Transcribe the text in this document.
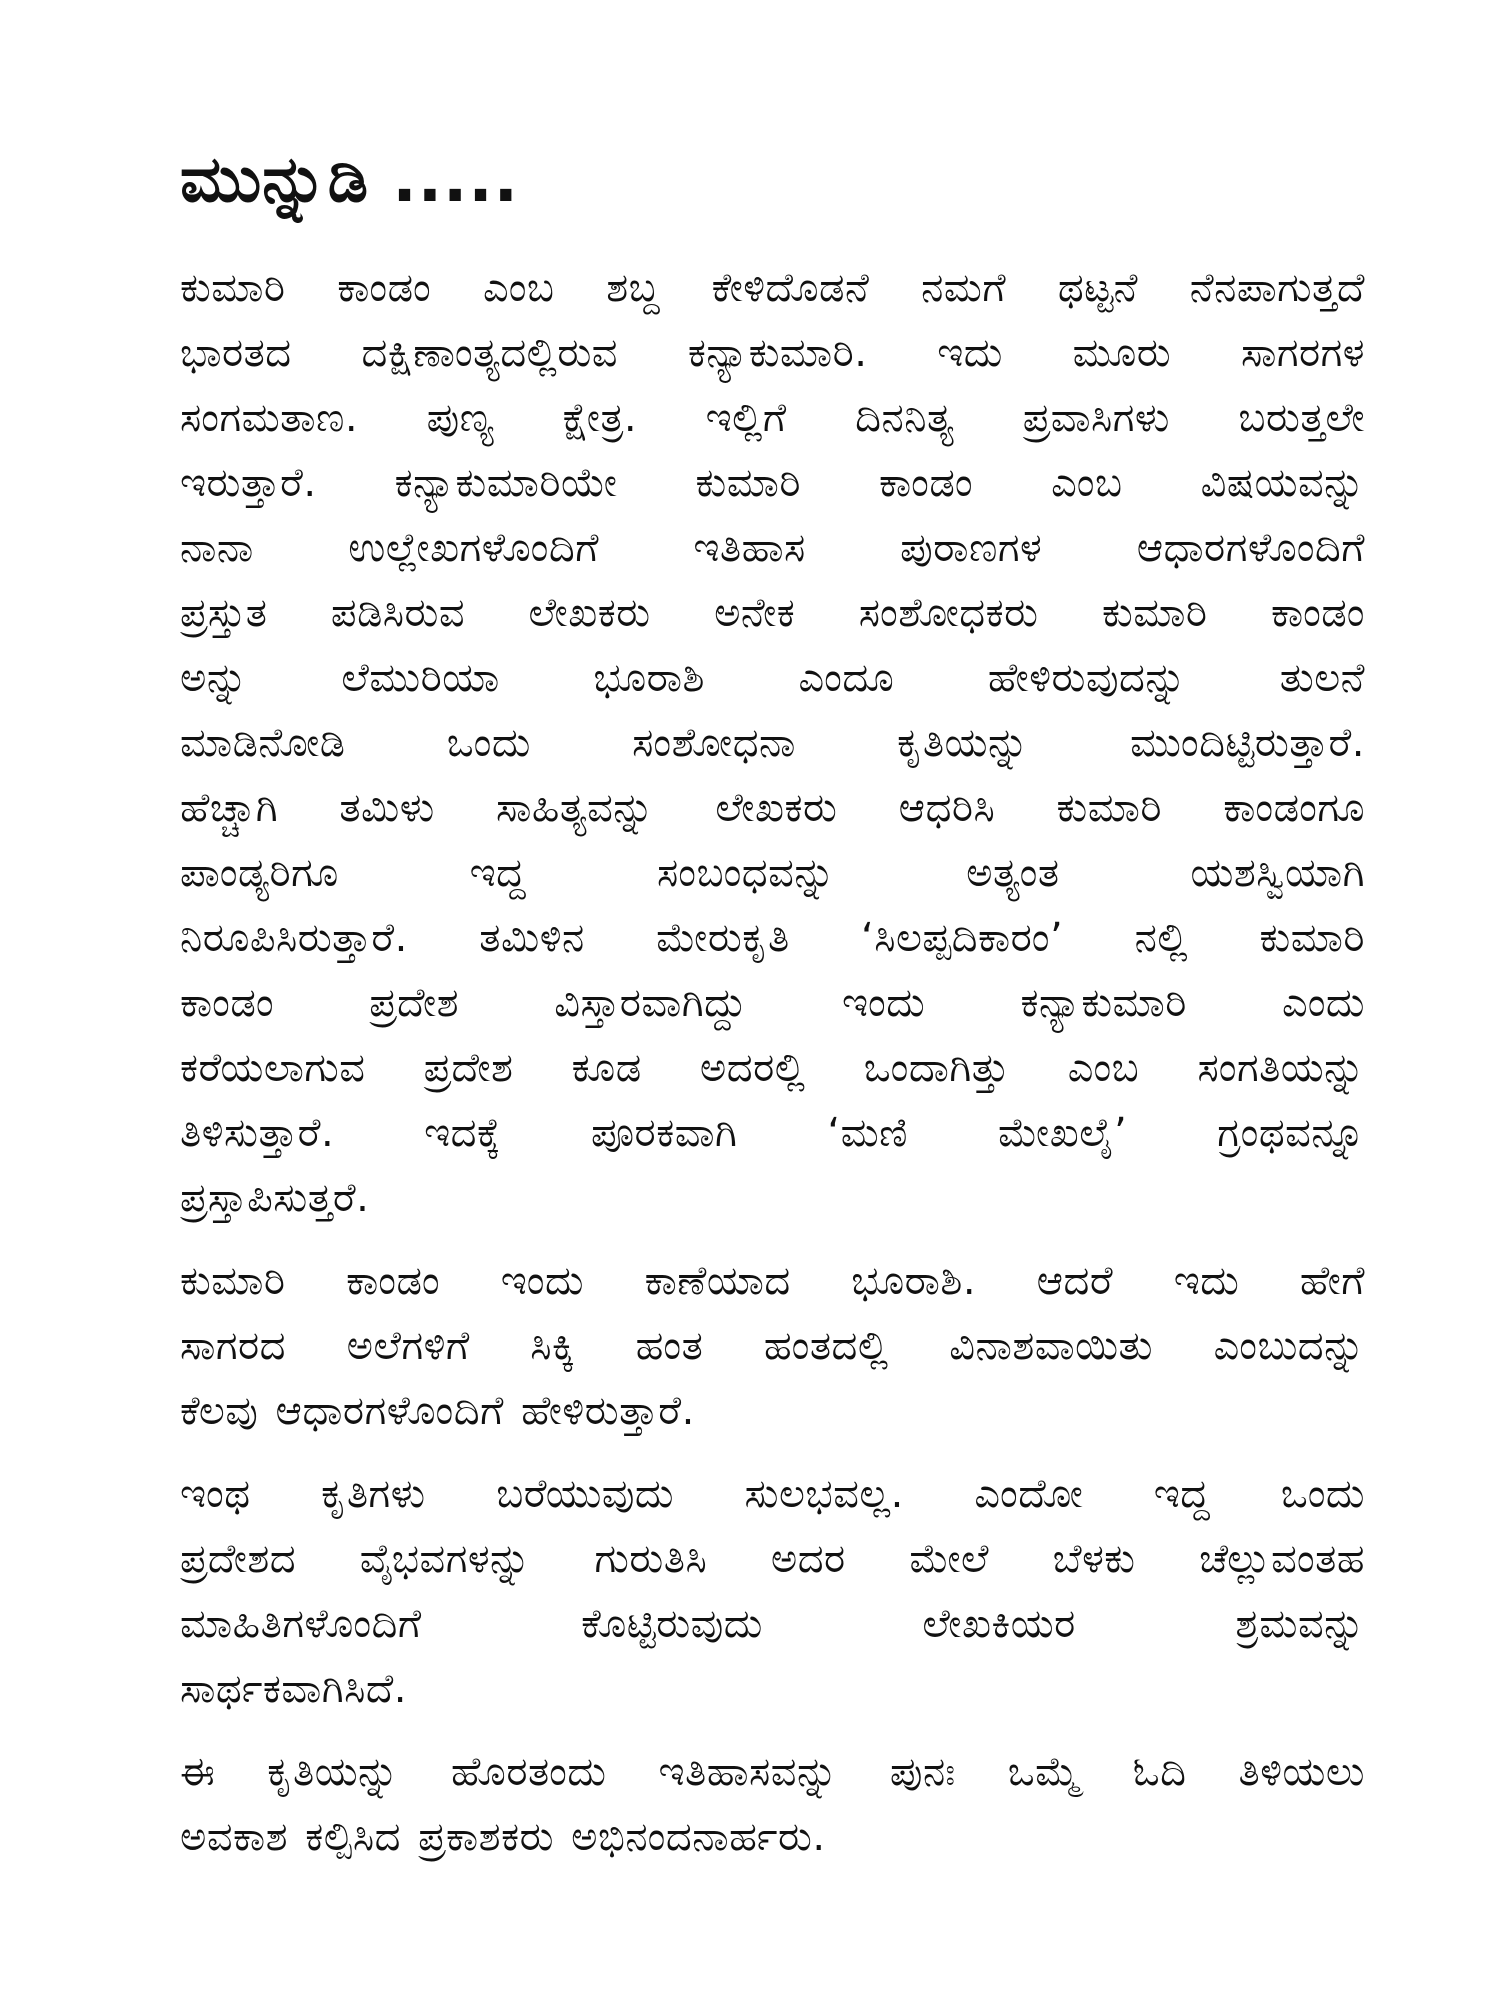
ಮುನ್ನುಡಿ .....
ಕುಮಾರಿ ಕಾಂಡಂ ಎಂಬ ಶಬ್ದ ಕೇಳಿದೊಡನೆ ನಮಗೆ ಥಟ್ಟನೆ ನೆನಪಾಗುತ್ತದೆ
ಭಾರತದ ದಕ್ಷಿಣಾಂತ್ಯದಲ್ಲಿರುವ ಕನ್ಯಾಕುಮಾರಿ. ಇದು ಮೂರು ಸಾಗರಗಳ
ಸಂಗಮತಾಣ. ಪುಣ್ಯ ಕ್ಷೇತ್ರ. ಇಲ್ಲಿಗೆ ದಿನನಿತ್ಯ ಪ್ರವಾಸಿಗಳು ಬರುತ್ತಲೇ
ಇರುತ್ತಾರೆ. ಕನ್ಯಾಕುಮಾರಿಯೇ ಕುಮಾರಿ ಕಾಂಡಂ ಎಂಬ ವಿಷಯವನ್ನು
ನಾನಾ ಉಲ್ಲೇಖಗಳೊಂದಿಗೆ ಇತಿಹಾಸ ಪುರಾಣಗಳ ಆಧಾರಗಳೊಂದಿಗೆ
ಪ್ರಸ್ತುತ ಪಡಿಸಿರುವ ಲೇಖಕರು ಅನೇಕ ಸಂಶೋಧಕರು ಕುಮಾರಿ ಕಾಂಡಂ
ಅನ್ನು ಲೆಮುರಿಯಾ ಭೂರಾಶಿ ಎಂದೂ ಹೇಳಿರುವುದನ್ನು ತುಲನೆ
ಮಾಡಿನೋಡಿ ಒಂದು ಸಂಶೋಧನಾ ಕೃತಿಯನ್ನು ಮುಂದಿಟ್ಟಿರುತ್ತಾರೆ.
ಹೆಚ್ಚಾಗಿ ತಮಿಳು ಸಾಹಿತ್ಯವನ್ನು ಲೇಖಕರು ಆಧರಿಸಿ ಕುಮಾರಿ ಕಾಂಡಂಗೂ
ಪಾಂಡ್ಯರಿಗೂ ಇದ್ದ ಸಂಬಂಧವನ್ನು ಅತ್ಯಂತ ಯಶಸ್ವಿಯಾಗಿ
ನಿರೂಪಿಸಿರುತ್ತಾರೆ. ತಮಿಳಿನ ಮೇರುಕೃತಿ ‘ಸಿಲಪ್ಪದಿಕಾರಂ’ ನಲ್ಲಿ ಕುಮಾರಿ
ಕಾಂಡಂ ಪ್ರದೇಶ ವಿಸ್ತಾರವಾಗಿದ್ದು ಇಂದು ಕನ್ಯಾಕುಮಾರಿ ಎಂದು
ಕರೆಯಲಾಗುವ ಪ್ರದೇಶ ಕೂಡ ಅದರಲ್ಲಿ ಒಂದಾಗಿತ್ತು ಎಂಬ ಸಂಗತಿಯನ್ನು
ತಿಳಿಸುತ್ತಾರೆ. ಇದಕ್ಕೆ ಪೂರಕವಾಗಿ ‘ಮಣಿ ಮೇಖಲೈ’ ಗ್ರಂಥವನ್ನೂ
ಪ್ರಸ್ತಾಪಿಸುತ್ತರೆ.
ಕುಮಾರಿ ಕಾಂಡಂ ಇಂದು ಕಾಣೆಯಾದ ಭೂರಾಶಿ. ಆದರೆ ಇದು ಹೇಗೆ
ಸಾಗರದ ಅಲೆಗಳಿಗೆ ಸಿಕ್ಕಿ ಹಂತ ಹಂತದಲ್ಲಿ ವಿನಾಶವಾಯಿತು ಎಂಬುದನ್ನು
ಕೆಲವು ಆಧಾರಗಳೊಂದಿಗೆ ಹೇಳಿರುತ್ತಾರೆ.
ಇಂಥ ಕೃತಿಗಳು ಬರೆಯುವುದು ಸುಲಭವಲ್ಲ. ಎಂದೋ ಇದ್ದ ಒಂದು
ಪ್ರದೇಶದ ವೈಭವಗಳನ್ನು ಗುರುತಿಸಿ ಅದರ ಮೇಲೆ ಬೆಳಕು ಚೆಲ್ಲುವಂತಹ
ಮಾಹಿತಿಗಳೊಂದಿಗೆ ಕೊಟ್ಟಿರುವುದು ಲೇಖಕಿಯರ ಶ್ರಮವನ್ನು
ಸಾರ್ಥಕವಾಗಿಸಿದೆ.
ಈ ಕೃತಿಯನ್ನು ಹೊರತಂದು ಇತಿಹಾಸವನ್ನು ಪುನಃ ಒಮ್ಮೆ ಓದಿ ತಿಳಿಯಲು
ಅವಕಾಶ ಕಲ್ಪಿಸಿದ ಪ್ರಕಾಶಕರು ಅಭಿನಂದನಾರ್ಹರು.
